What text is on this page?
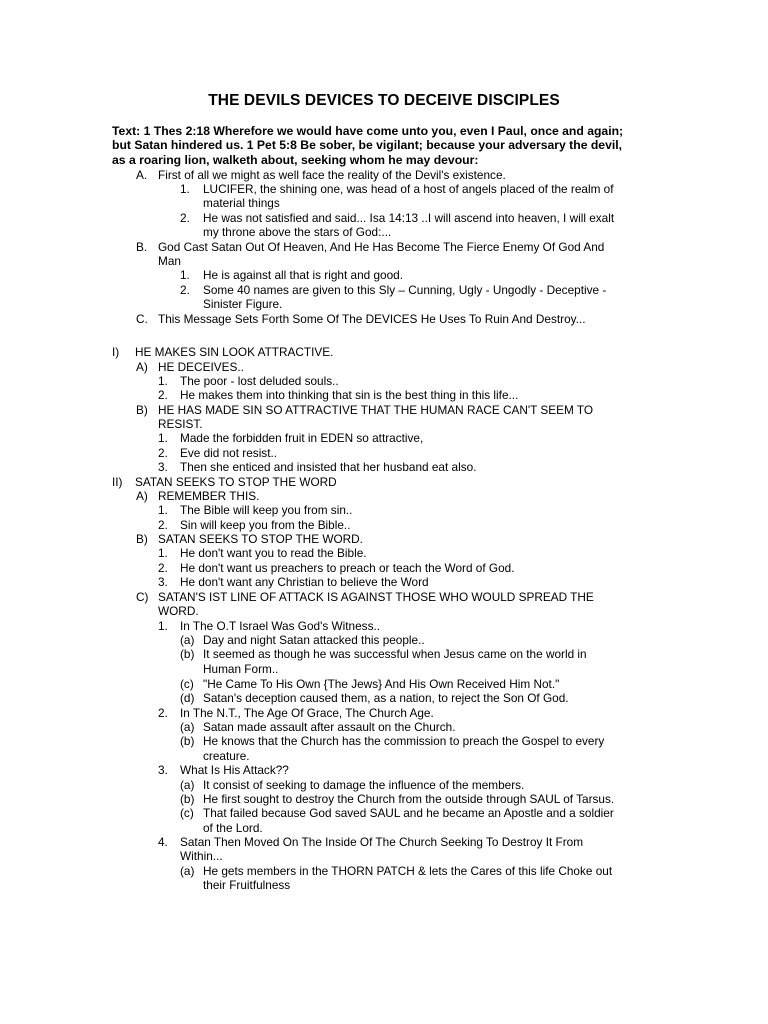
THE DEVILS DEVICES TO DECEIVE DISCIPLES
Text: 1 Thes 2:18 Wherefore we would have come unto you, even I Paul, once and again;
but Satan hindered us. 1 Pet 5:8 Be sober, be vigilant; because your adversary the devil,
as a roaring lion, walketh about, seeking whom he may devour:
A. First of all we might as well face the reality of the Devil's existence.
1. LUCIFER, the shining one, was head of a host of angels placed of the realm of
material things
2. He was not satisfied and said... Isa 14:13 ..I will ascend into heaven, I will exalt
my throne above the stars of God:...
B. God Cast Satan Out Of Heaven, And He Has Become The Fierce Enemy Of God And
Man
1. He is against all that is right and good.
2. Some 40 names are given to this Sly – Cunning, Ugly - Ungodly - Deceptive -
Sinister Figure.
C. This Message Sets Forth Some Of The DEVICES He Uses To Ruin And Destroy...
I) HE MAKES SIN LOOK ATTRACTIVE.
A) HE DECEIVES..
1. The poor - lost deluded souls..
2. He makes them into thinking that sin is the best thing in this life...
B) HE HAS MADE SIN SO ATTRACTIVE THAT THE HUMAN RACE CAN'T SEEM TO
RESIST.
1. Made the forbidden fruit in EDEN so attractive,
2. Eve did not resist..
3. Then she enticed and insisted that her husband eat also.
II) SATAN SEEKS TO STOP THE WORD
A) REMEMBER THIS.
1. The Bible will keep you from sin..
2. Sin will keep you from the Bible..
B) SATAN SEEKS TO STOP THE WORD.
1. He don't want you to read the Bible.
2. He don't want us preachers to preach or teach the Word of God.
3. He don't want any Christian to believe the Word
C) SATAN'S IST LINE OF ATTACK IS AGAINST THOSE WHO WOULD SPREAD THE
WORD.
1. In The O.T Israel Was God's Witness..
(a) Day and night Satan attacked this people..
(b) It seemed as though he was successful when Jesus came on the world in
Human Form..
(c) "He Came To His Own {The Jews} And His Own Received Him Not."
(d) Satan's deception caused them, as a nation, to reject the Son Of God.
2. In The N.T., The Age Of Grace, The Church Age.
(a) Satan made assault after assault on the Church.
(b) He knows that the Church has the commission to preach the Gospel to every
creature.
3. What Is His Attack??
(a) It consist of seeking to damage the influence of the members.
(b) He first sought to destroy the Church from the outside through SAUL of Tarsus.
(c) That failed because God saved SAUL and he became an Apostle and a soldier
of the Lord.
4. Satan Then Moved On The Inside Of The Church Seeking To Destroy It From
Within...
(a) He gets members in the THORN PATCH & lets the Cares of this life Choke out
their Fruitfulness
